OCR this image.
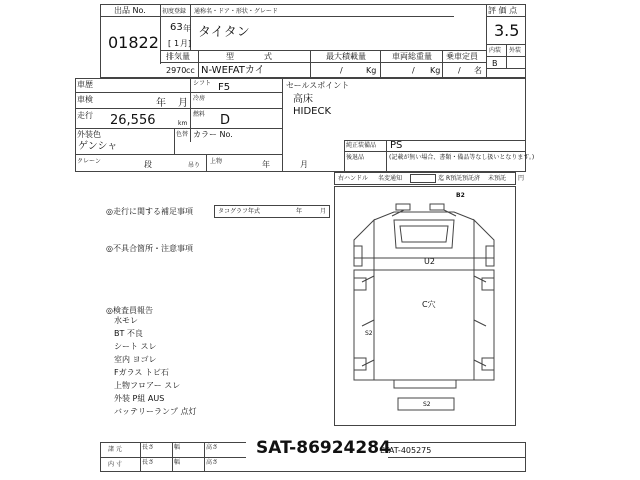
出品 No.
01822
初度登録 通称名・ドア・形状・グレード
63 年
[ 1 月]
タイタン
排気量	型	式	最大積載量	車両総重量 乗車定員
2970 cc N-WEFATカイ	/	Kg	/ Kg / 名
評 価 点
3.5
内装 外装
B
車歴	シフト F5
車検	年 月 冷房
走行 26,556	km
燃料 D
外装色	色替 カラー No.
ゲンシャ
クレーン	段	吊り
上物	年	月
セールスポイント
高床
HIDECK
純正装備品 PS
後退品	(記載が無い場合、書類・備品等なし扱いとなります。)
右ハンドル 名変通知	迄 R預託 預託済 未預託 円
◎走行に関する補足事項	タコグラフ年式	年	月
◎不具合箇所・注意事項
◎検査員報告
水モレ
BT 不良
シート スレ
室内 ヨゴレ
Fガラス トビ石
上物フロアー スレ
外装 P組 AUS
バッテリーランプ 点灯
B2
U2
C穴
S2
S2
諸 元
内 寸
長さ	幅	高さ
長さ	幅	高さ
SAT-86924284
EFAT-405275
